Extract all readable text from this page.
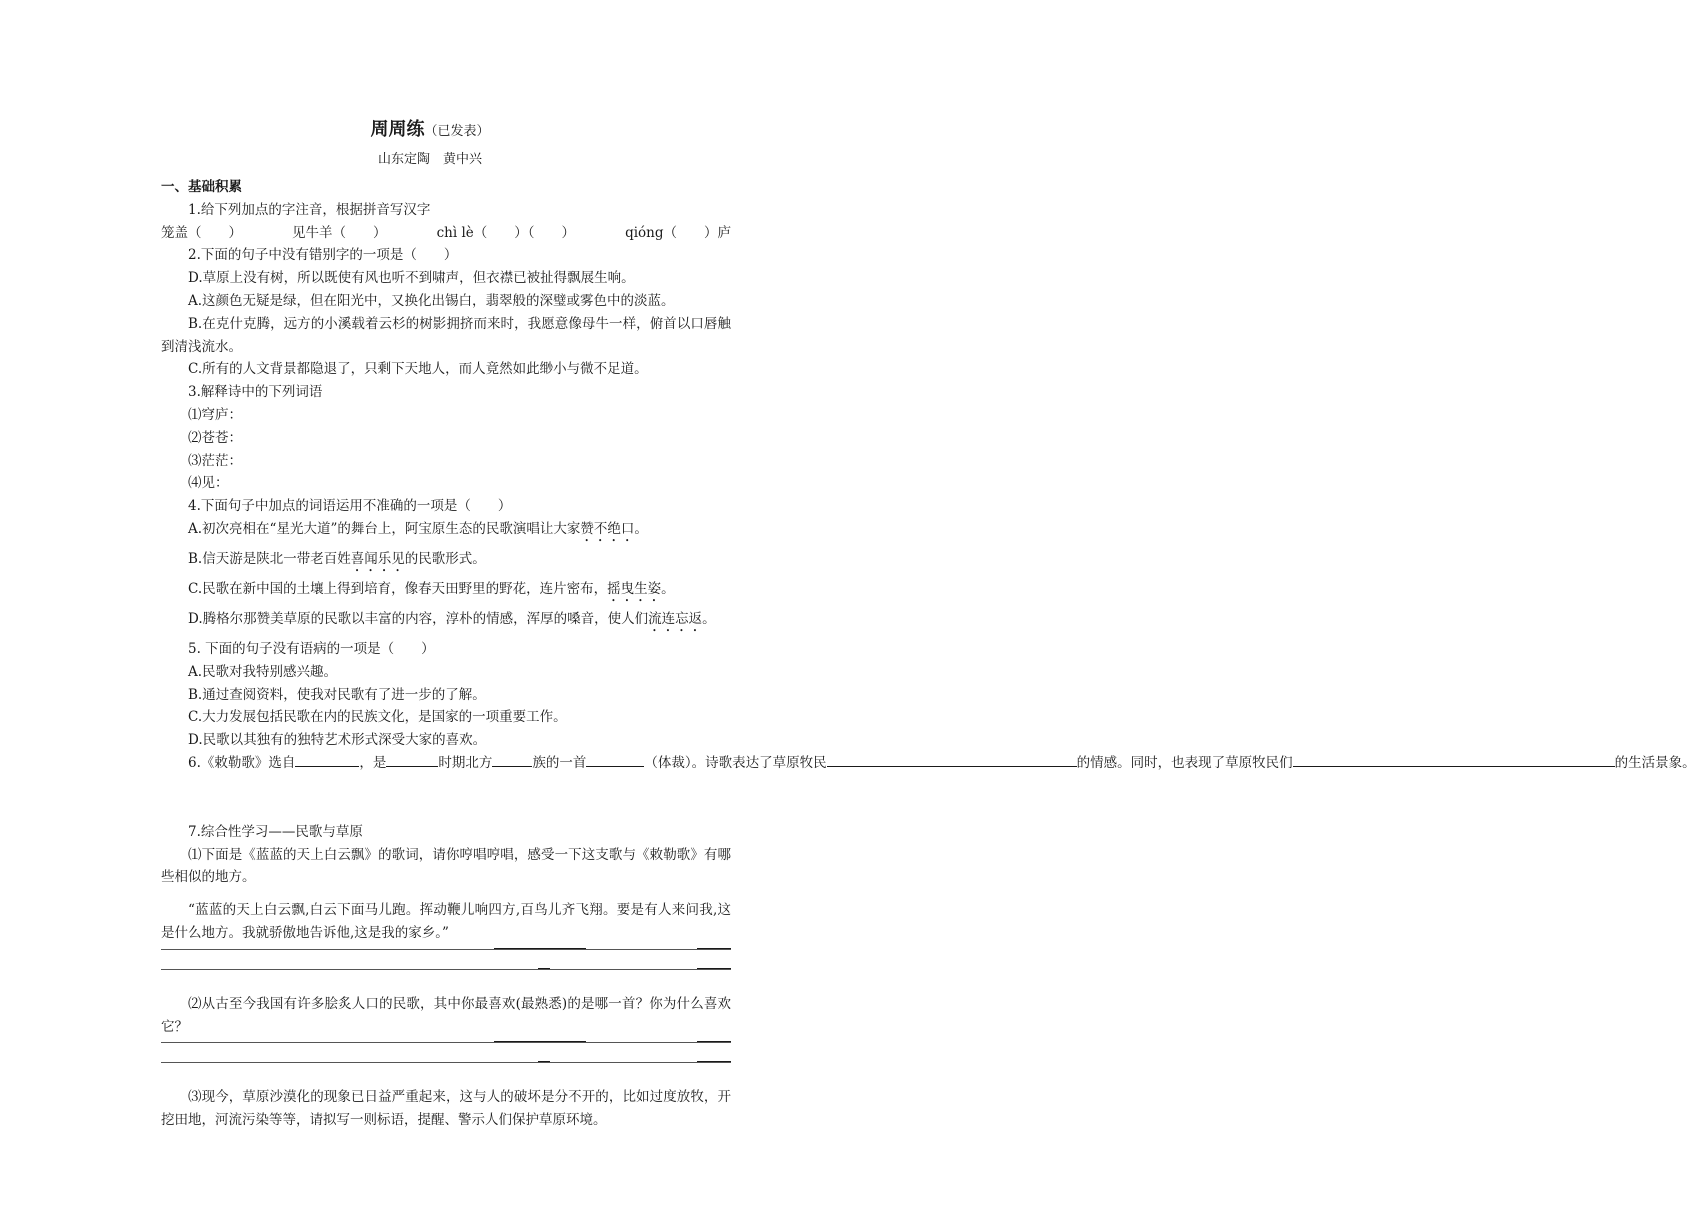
周周练（已发表）
山东定陶　黄中兴
一、基础积累
1.给下列加点的字注音，根据拼音写汉字
笼盖（　　）	见牛羊（　　）	chì lè（　　）（　　）	qióng（　　）庐
2.下面的句子中没有错别字的一项是（　　）
D.草原上没有树，所以既使有风也听不到啸声，但衣襟已被扯得飘展生响。
A.这颜色无疑是绿，但在阳光中，又换化出锡白，翡翠般的深璧或雾色中的淡蓝。
B.在克什克腾，远方的小溪载着云杉的树影拥挤而来时，我愿意像母牛一样，俯首以口唇触到清浅流水。
C.所有的人文背景都隐退了，只剩下天地人，而人竟然如此缈小与微不足道。
3.解释诗中的下列词语
⑴穹庐：
⑵苍苍：
⑶茫茫：
⑷见：
4.下面句子中加点的词语运用不准确的一项是（　　）
A.初次亮相在“星光大道”的舞台上，阿宝原生态的民歌演唱让大家赞不绝口。
B.信天游是陕北一带老百姓喜闻乐见的民歌形式。
C.民歌在新中国的土壤上得到培育，像春天田野里的野花，连片密布，摇曳生姿。
D.腾格尔那赞美草原的民歌以丰富的内容，淳朴的情感，浑厚的嗓音，使人们流连忘返。
5. 下面的句子没有语病的一项是（　　）
A.民歌对我特别感兴趣。
B.通过查阅资料，使我对民歌有了进一步的了解。
C.大力发展包括民歌在内的民族文化，是国家的一项重要工作。
D.民歌以其独有的独特艺术形式深受大家的喜欢。
6.《敕勒歌》选自	，是	时期北方	族的一首	（体裁）。诗歌表达了草原牧民	的情感。同时，也表现了草原牧民们	的生活景象。
7.综合性学习——民歌与草原
⑴下面是《蓝蓝的天上白云飘》的歌词，请你哼唱哼唱，感受一下这支歌与《敕勒歌》有哪些相似的地方。
“蓝蓝的天上白云飘,白云下面马儿跑。挥动鞭儿响四方,百鸟儿齐飞翔。要是有人来问我,这是什么地方。我就骄傲地告诉他,这是我的家乡。”
⑵从古至今我国有许多脍炙人口的民歌，其中你最喜欢(最熟悉)的是哪一首？你为什么喜欢它？
⑶现今，草原沙漠化的现象已日益严重起来，这与人的破坏是分不开的，比如过度放牧，开挖田地，河流污染等等，请拟写一则标语，提醒、警示人们保护草原环境。
